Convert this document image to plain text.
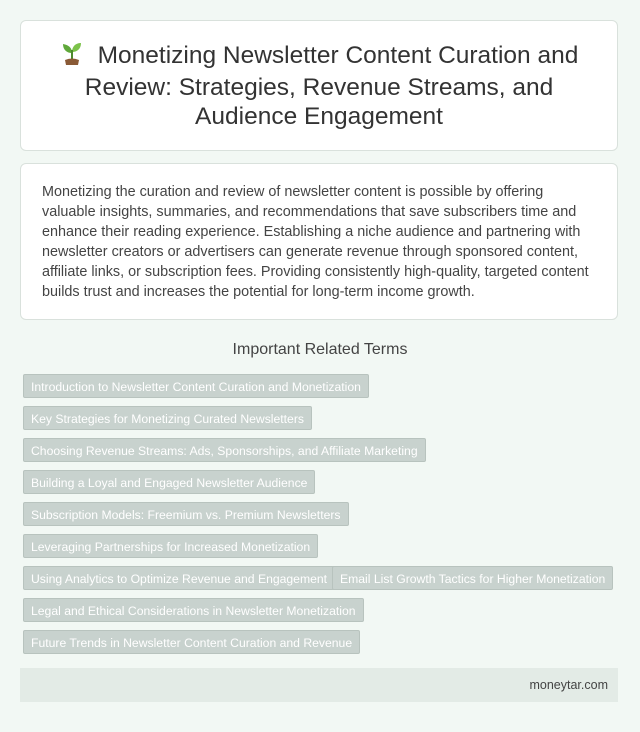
Monetizing Newsletter Content Curation and Review: Strategies, Revenue Streams, and Audience Engagement

Monetizing the curation and review of newsletter content is possible by offering valuable insights, summaries, and recommendations that save subscribers time and enhance their reading experience. Establishing a niche audience and partnering with newsletter creators or advertisers can generate revenue through sponsored content, affiliate links, or subscription fees. Providing consistently high-quality, targeted content builds trust and increases the potential for long-term income growth.

Important Related Terms
Introduction to Newsletter Content Curation and Monetization
Key Strategies for Monetizing Curated Newsletters
Choosing Revenue Streams: Ads, Sponsorships, and Affiliate Marketing
Building a Loyal and Engaged Newsletter Audience
Subscription Models: Freemium vs. Premium Newsletters
Leveraging Partnerships for Increased Monetization
Using Analytics to Optimize Revenue and Engagement	Email List Growth Tactics for Higher Monetization
Legal and Ethical Considerations in Newsletter Monetization
Future Trends in Newsletter Content Curation and Revenue
moneytar.com
